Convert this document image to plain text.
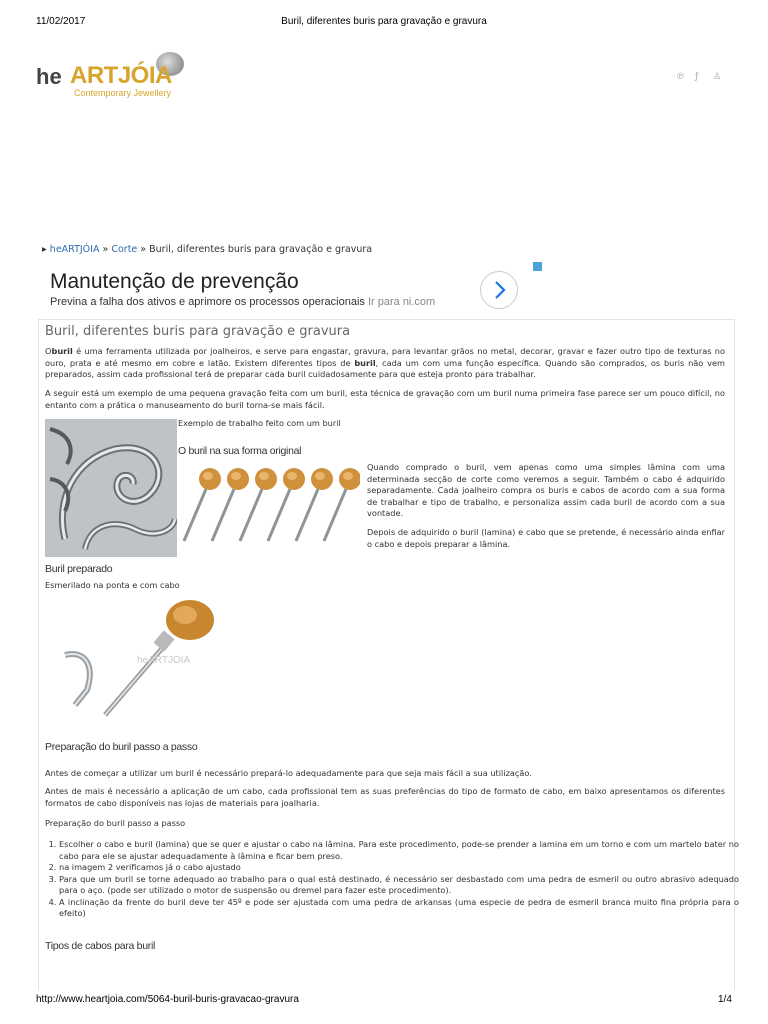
11/02/2017	Buril, diferentes buris para gravação e gravura
he ARTJÓIA
Contemporary Jewellery
℗ ƒ ♙
▸ heARTJÓIA » Corte » Buril, diferentes buris para gravação e gravura
Manutenção de prevenção
Previna a falha dos ativos e aprimore os processos operacionais Ir para ni.com
Buril, diferentes buris para gravação e gravura

Oburil é uma ferramenta utilizada por joalheiros, e serve para engastar, gravura, para levantar grãos no metal, decorar, gravar e fazer outro tipo de texturas no ouro, prata e até mesmo em cobre e latão. Existem diferentes tipos de buril, cada um com uma função específica. Quando são comprados, os buris não vem preparados, assim cada profissional terá de preparar cada buril cuidadosamente para que esteja pronto para trabalhar.

A seguir está um exemplo de uma pequena gravação feita com um buril, esta técnica de gravação com um buril numa primeira fase parece ser um pouco difícil, no entanto com a prática o manuseamento do buril torna-se mais fácil.

Exemplo de trabalho feito com um buril
O buril na sua forma original

Quando comprado o buril, vem apenas como uma simples lâmina com uma determinada secção de corte como veremos a seguir. Também o cabo é adquirido separadamente. Cada joalheiro compra os buris e cabos de acordo com a sua forma de trabalhar e tipo de trabalho, e personaliza assim cada buril de acordo com a sua vontade.

Depois de adquirido o buril (lamina) e cabo que se pretende, é necessário ainda enfiar o cabo e depois preparar a lâmina.

Buril preparado
Esmerilado na ponta e com cabo
heARTJOIA
Preparação do buril passo a passo

Antes de começar a utilizar um buril é necessário prepará-lo adequadamente para que seja mais fácil a sua utilização.

Antes de mais é necessário a aplicação de um cabo, cada profissional tem as suas preferências do tipo de formato de cabo, em baixo apresentamos os diferentes formatos de cabo disponíveis nas lojas de materiais para joalharia.

Preparação do buril passo a passo

1. Escolher o cabo e buril (lamina) que se quer e ajustar o cabo na lâmina. Para este procedimento, pode-se prender a lamina em um torno e com um martelo bater no cabo para ele se ajustar adequadamente à lâmina e ficar bem preso.
2. na imagem 2 verificamos já o cabo ajustado
3. Para que um buril se torne adequado ao trabalho para o qual está destinado, é necessário ser desbastado com uma pedra de esmeril ou outro abrasivo adequado para o aço. (pode ser utilizado o motor de suspensão ou dremel para fazer este procedimento).
4. A inclinação da frente do buril deve ter 45º e pode ser ajustada com uma pedra de arkansas (uma especie de pedra de esmeril branca muito fina própria para o efeito)
Tipos de cabos para buril
http://www.heartjoia.com/5064-buril-buris-gravacao-gravura	1/4
